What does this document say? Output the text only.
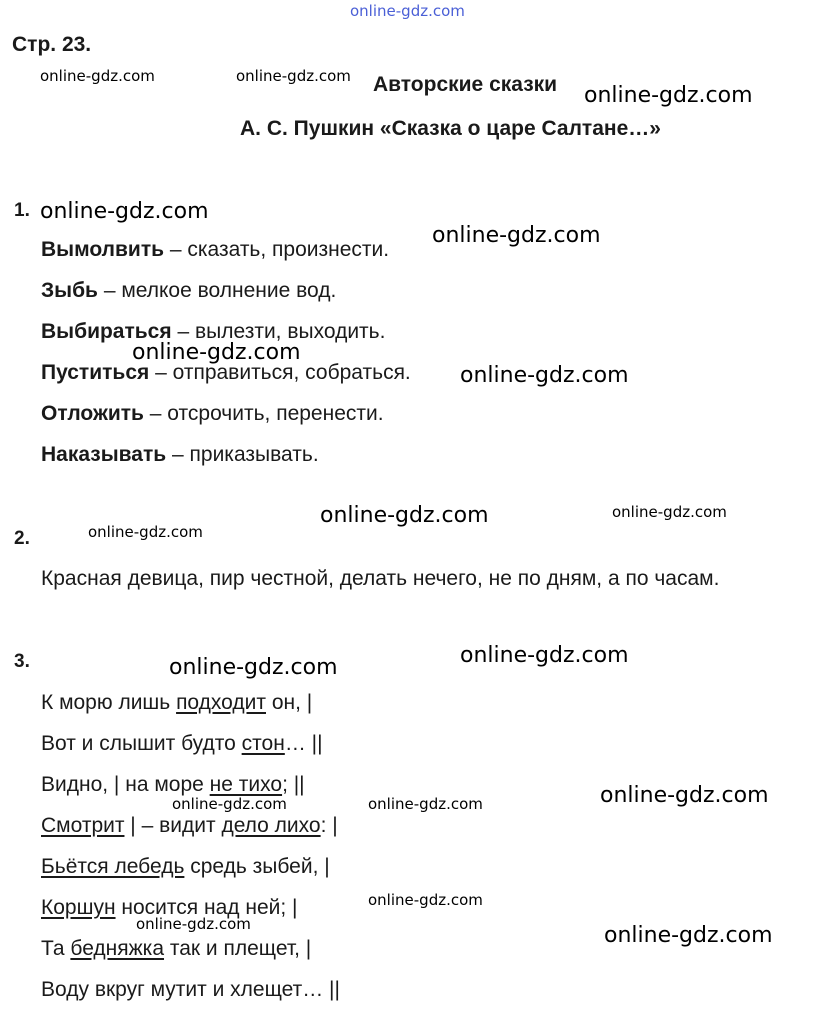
online-gdz.com
online-gdz.com	online-gdz.com
online-gdz.com
online-gdz.com
online-gdz.com
online-gdz.com
online-gdz.com
online-gdz.com	online-gdz.com
online-gdz.com
online-gdz.com
online-gdz.com
online-gdz.com
online-gdz.com	online-gdz.com
online-gdz.com
online-gdz.com	online-gdz.com
Стр. 23.
Авторские сказки
А. С. Пушкин «Сказка о царе Салтане…»
1.
Вымолвить – сказать, произнести.
Зыбь – мелкое волнение вод.
Выбираться – вылезти, выходить.
Пуститься – отправиться, собраться.
Отложить – отсрочить, перенести.
Наказывать – приказывать.
2.
Красная девица, пир честной, делать нечего, не по дням, а по часам.
3.
К морю лишь подходит он, |
Вот и слышит будто стон… ||
Видно, | на море не тихо; ||
Смотрит | – видит дело лихо: |
Бьётся лебедь средь зыбей, |
Коршун носится над ней; |
Та бедняжка так и плещет, |
Воду вкруг мутит и хлещет… ||
